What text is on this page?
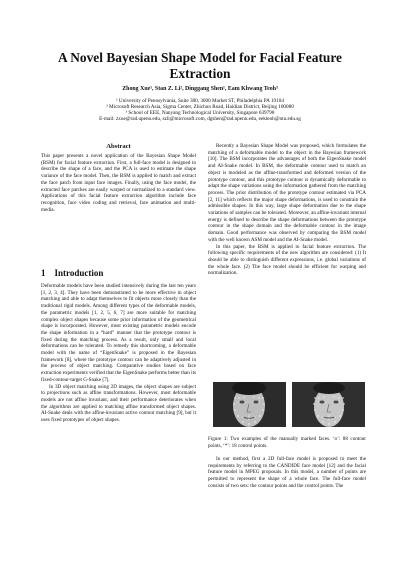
A Novel Bayesian Shape Model for Facial Feature
Extraction
Zhong Xue¹, Stan Z. Li², Dinggang Shen¹, Eam Khwang Teoh³
¹ University of Pennsylvania, Suite 380, 3600 Market ST, Philadelphia PA 19104
² Microsoft Research Asia, Sigma Center, Zhichun Road, Haidian District, Beijing 100080
³ School of EEE, Nanyang Technological University, Singapore 639798
E-mail: zxue@rad.upenn.edu, szli@microsoft.com, dgshen@rad.upenn.edu, eekteoh@ntu.edu.sg
Abstract

This paper presents a novel application of the Bayesian Shape Model (BSM) for facial feature extraction. First, a full-face model is designed to describe the shape of a face, and the PCA is used to estimate the shape variance of the face model. Then, the BSM is applied to match and extract the face patch from input face images. Finally, using the face model, the extracted face patches are easily warped or normalized to a standard view. Applications of this facial feature extraction algorithm include face recognition, face video coding and retrieval, face animation and multi-media.

1 Introduction

Deformable models have been studied intensively during the last ten years [1, 2, 3, 4]. They have been demonstrated to be more effective in object matching and able to adapt themselves to fit objects more closely than the traditional rigid models. Among different types of the deformable models, the parametric models [1, 2, 5, 6, 7] are more suitable for matching complex object shapes because some prior information of the geometrical shape is incorporated. However, most existing parametric models encode the shape information in a “hard” manner that the prototype contour is fixed during the matching process. As a result, only small and local deformations can be tolerated. To remedy this shortcoming, a deformable model with the name of “EigenSnake” is proposed in the Bayesian framework [8], where the prototype contour can be adaptively adjusted in the process of object matching. Comparative studies based on face extraction experiments verified that the EigenSnake performs better than its fixed-contour-target G-Snake [7].

In 3D object matching using 2D images, the object shapes are subject to projections such as affine transformations. However, most deformable models are not affine invariant, and their performance deteriorates when the algorithms are applied to matching affine transformed object shapes. AI-Snake deals with the affine-invariant active contour matching [9], but it uses fixed prototypes of object shapes.

Recently a Bayesian Shape Model was proposed, which formulates the matching of a deformable model to the object in the Bayesian framework [10]. The BSM incorporates the advantages of both the EigenSnake model and AI-Snake model. In BSM, the deformable contour used to match an object is modeled as the affine-transformed and deformed version of the prototype contour, and this prototype contour is dynamically deformable to adapt the shape variations using the information gathered from the matching process. The prior distribution of the prototype contour estimated via PCA [2, 11] which reflects the major shape deformations, is used to constrain the admissible shapes. In this way, large shape deformation due to the shape variations of samples can be tolerated. Moreover, an affine-invariant internal energy is defined to describe the shape deformations between the prototype contour in the shape domain and the deformable contour in the image domain. Good performance was observed by comparing the BSM model with the well known ASM model and the AI-Snake model.

In this paper, the BSM is applied to facial feature extraction. The following specific requirements of the new algorithm are considered: (1) It should be able to distinguish different expressions, i.e. global variations of the whole face. (2) The face model should be efficient for warping and normalization.

Figure 1: Two examples of the manually marked faces. ‘o’: 88 contour points, ‘*’: 18 control points.

In our method, first a 2D full-face model is proposed to meet the requirements by referring to the CANDIDE face model [12] and the facial feature model in MPEG proposals. In this model, a number of points are permitted to represent the shape of a whole face. The full-face model consists of two sets: the contour points and the control points. The
